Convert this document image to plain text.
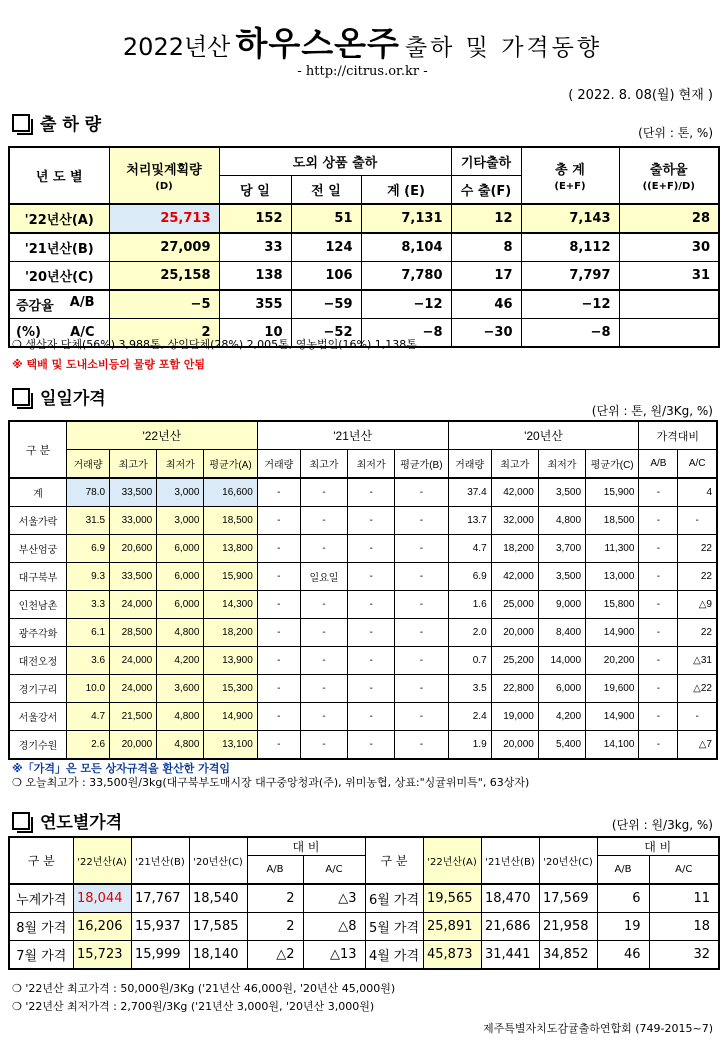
2022년산 하우스온주 출하 및 가격동향
- http://citrus.or.kr -
( 2022. 8. 08(월) 현재 )
출 하 량	(단위 : 톤, %)
년 도 별	처리및계획량
(D)	도외 상품 출하			기타출하	총 계
(E+F)	출하율
((E+F)/D)
		당 일	전 일	계 (E)	수 출(F)		
'22년산(A)	25,713	152	51	7,131	12	7,143	28
'21년산(B)	27,009	33	124	8,104	8	8,112	30
'20년산(C)	25,158	138	106	7,780	17	7,797	31
증감율 A/B	−5	355	−59	−12	46	−12	
(%) A/C	2	10	−52	−8	−30	−8	
❍ 생산자 단체(56%) 3,988톤, 상인단체(28%) 2,005톤, 영농법인(16%) 1,138톤
※ 택배 및 도내소비등의 물량 포함 안됨
일일가격
(단위 : 톤, 원/3Kg, %)
구 분	'22년산				'21년산				'20년산				가격대비	
	거래량	최고가	최저가	평균가(A)	거래량	최고가	최저가	평균가(B)	거래량	최고가	최저가	평균가(C)	A/B	A/C
계	78.0	33,500	3,000	16,600	-	-	-	-	37.4	42,000	3,500	15,900	-	4
서울가락	31.5	33,000	3,000	18,500	-	-	-	-	13.7	32,000	4,800	18,500	-	-
부산엄궁	6.9	20,600	6,000	13,800	-	-	-	-	4.7	18,200	3,700	11,300	-	22
대구북부	9.3	33,500	6,000	15,900	-	일요일	-	-	6.9	42,000	3,500	13,000	-	22
인천남촌	3.3	24,000	6,000	14,300	-	-	-	-	1.6	25,000	9,000	15,800	-	△9
광주각화	6.1	28,500	4,800	18,200	-	-	-	-	2.0	20,000	8,400	14,900	-	22
대전오정	3.6	24,000	4,200	13,900	-	-	-	-	0.7	25,200	14,000	20,200	-	△31
경기구리	10.0	24,000	3,600	15,300	-	-	-	-	3.5	22,800	6,000	19,600	-	△22
서울강서	4.7	21,500	4,800	14,900	-	-	-	-	2.4	19,000	4,200	14,900	-	-
경기수원	2.6	20,000	4,800	13,100	-	-	-	-	1.9	20,000	5,400	14,100	-	△7
※「가격」은 모든 상자규격을 환산한 가격임
❍ 오늘최고가 : 33,500원/3kg(대구북부도매시장 대구중앙청과(주), 위미농협, 상표:"싱귤위미특", 63상자)
연도별가격	(단위 : 원/3kg, %)
구 분	'22년산(A)	'21년산(B)	'20년산(C)	대 비		구 분	'22년산(A)	'21년산(B)	'20년산(C)	대 비	
				A/B	A/C					A/B	A/C
누계가격	18,044	17,767	18,540	2	△3	6월 가격	19,565	18,470	17,569	6	11
8월 가격	16,206	15,937	17,585	2	△8	5월 가격	25,891	21,686	21,958	19	18
7월 가격	15,723	15,999	18,140	△2	△13	4월 가격	45,873	31,441	34,852	46	32
❍ '22년산 최고가격 : 50,000원/3Kg ('21년산 46,000원, '20년산 45,000원)
❍ '22년산 최저가격 : 2,700원/3Kg ('21년산 3,000원, '20년산 3,000원)
제주특별자치도감귤출하연합회 (749-2015~7)
